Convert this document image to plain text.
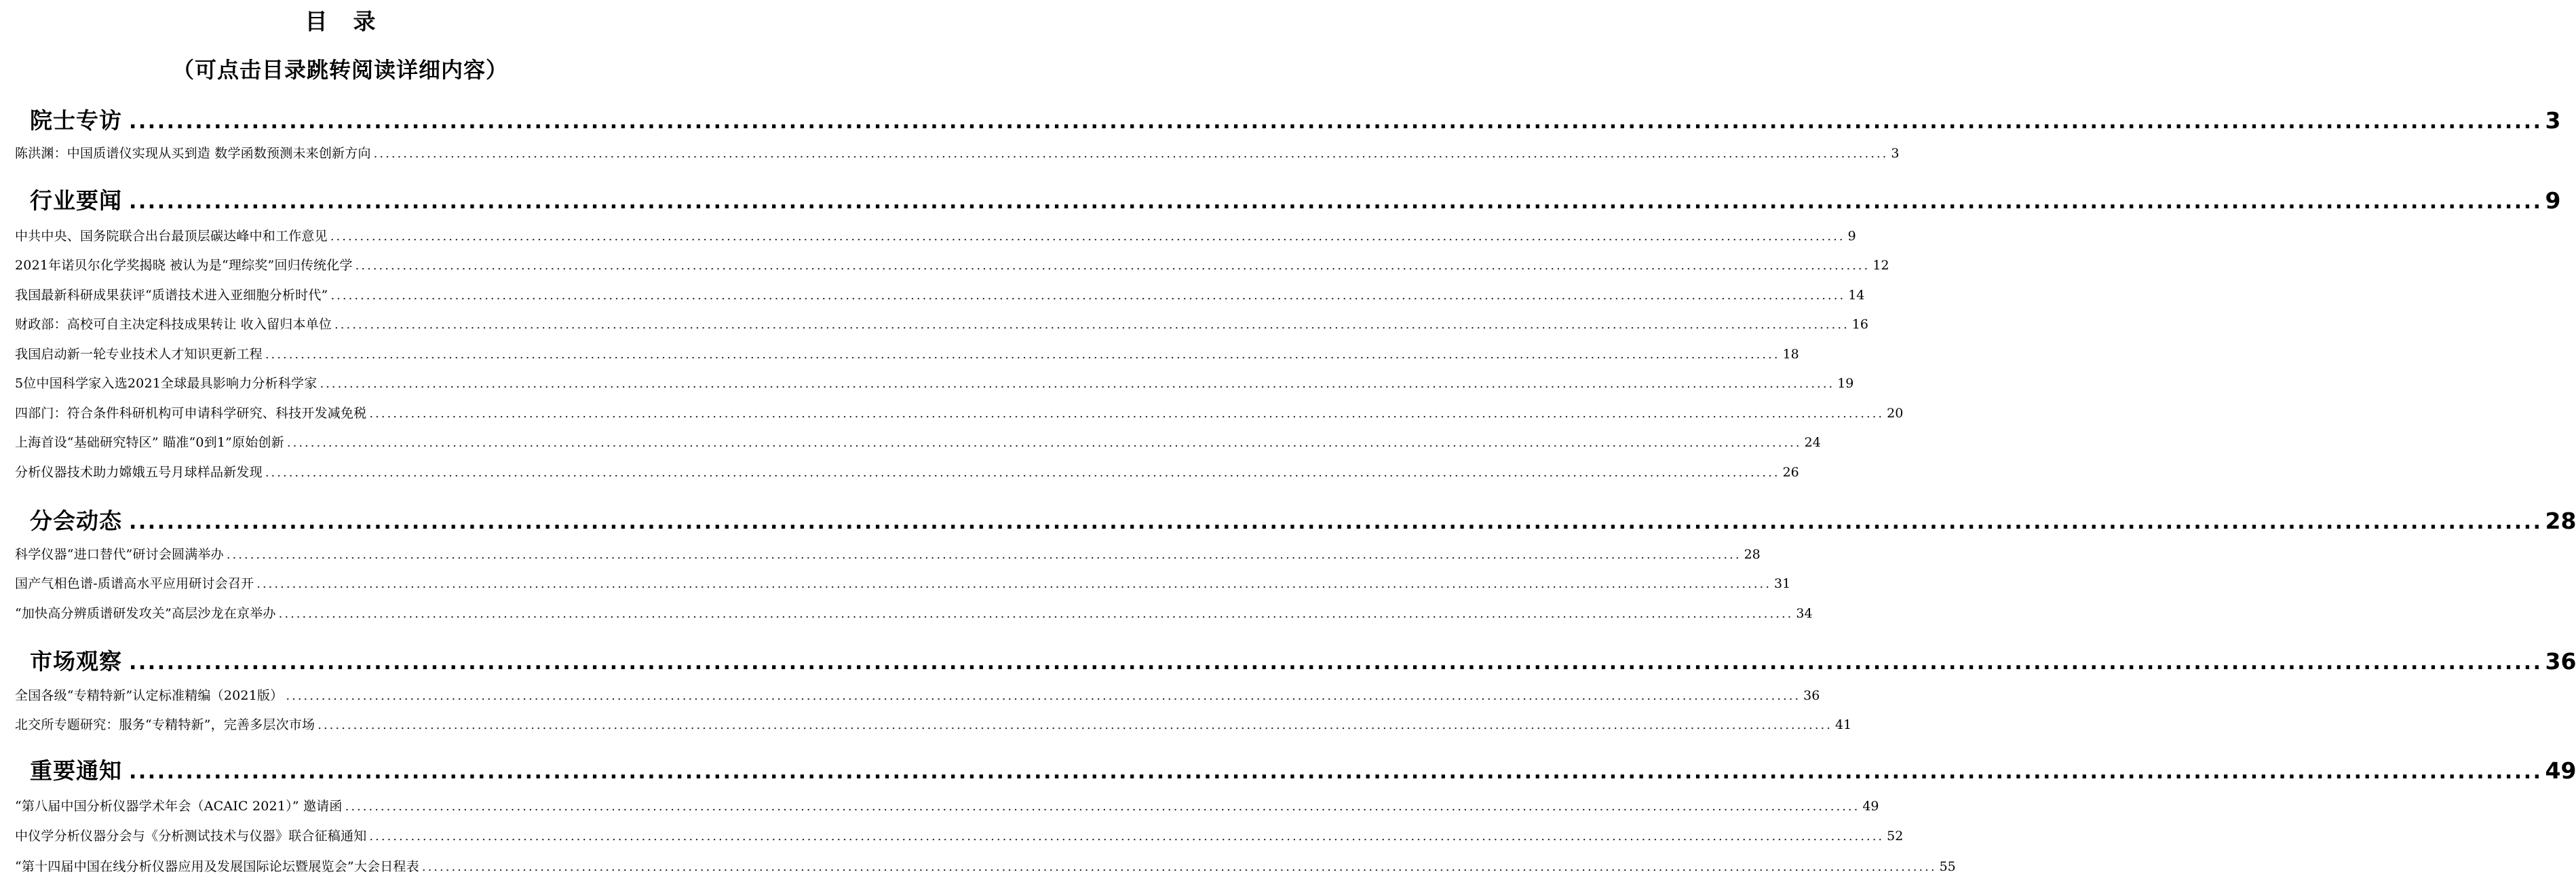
目录
（可点击目录跳转阅读详细内容）
院士专访 ................................................................................................................................................................................................................................................................ 3
陈洪渊：中国质谱仪实现从买到造 数学函数预测未来创新方向 ................................................................................................................................................................................................................................................................ 3
行业要闻 ................................................................................................................................................................................................................................................................ 9
中共中央、国务院联合出台最顶层碳达峰中和工作意见 ................................................................................................................................................................................................................................................................ 9
2021年诺贝尔化学奖揭晓 被认为是“理综奖”回归传统化学 ................................................................................................................................................................................................................................................................ 12
我国最新科研成果获评“质谱技术进入亚细胞分析时代” ................................................................................................................................................................................................................................................................ 14
财政部：高校可自主决定科技成果转让 收入留归本单位 ................................................................................................................................................................................................................................................................ 16
我国启动新一轮专业技术人才知识更新工程 ................................................................................................................................................................................................................................................................ 18
5位中国科学家入选2021全球最具影响力分析科学家 ................................................................................................................................................................................................................................................................ 19
四部门：符合条件科研机构可申请科学研究、科技开发减免税 ................................................................................................................................................................................................................................................................ 20
上海首设“基础研究特区” 瞄准“0到1”原始创新 ................................................................................................................................................................................................................................................................ 24
分析仪器技术助力嫦娥五号月球样品新发现 ................................................................................................................................................................................................................................................................ 26
分会动态 ................................................................................................................................................................................................................................................................ 28
科学仪器“进口替代”研讨会圆满举办 ................................................................................................................................................................................................................................................................ 28
国产气相色谱-质谱高水平应用研讨会召开 ................................................................................................................................................................................................................................................................ 31
“加快高分辨质谱研发攻关”高层沙龙在京举办 ................................................................................................................................................................................................................................................................ 34
市场观察 ................................................................................................................................................................................................................................................................ 36
全国各级“专精特新”认定标准精编（2021版） ................................................................................................................................................................................................................................................................ 36
北交所专题研究：服务“专精特新”，完善多层次市场 ................................................................................................................................................................................................................................................................ 41
重要通知 ................................................................................................................................................................................................................................................................ 49
“第八届中国分析仪器学术年会（ACAIC 2021）” 邀请函 ................................................................................................................................................................................................................................................................ 49
中仪学分析仪器分会与《分析测试技术与仪器》联合征稿通知 ................................................................................................................................................................................................................................................................ 52
“第十四届中国在线分析仪器应用及发展国际论坛暨展览会”大会日程表 ................................................................................................................................................................................................................................................................ 55
